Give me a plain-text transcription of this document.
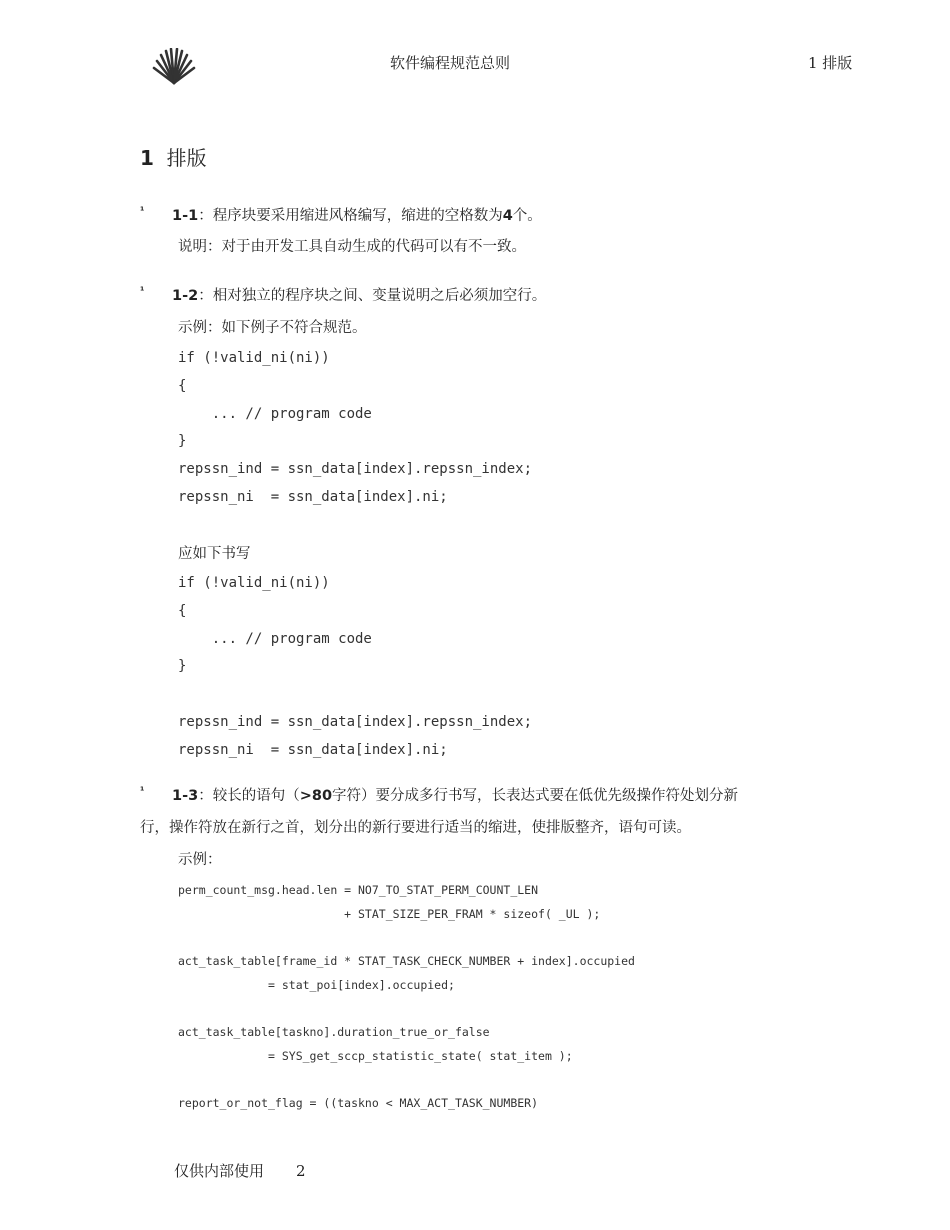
软件编程规范总则	1 排版
1 排版
¹ 1-1：程序块要采用缩进风格编写，缩进的空格数为4个。
说明：对于由开发工具自动生成的代码可以有不一致。
¹ 1-2：相对独立的程序块之间、变量说明之后必须加空行。
示例：如下例子不符合规范。
if (!valid_ni(ni))
{
... // program code
}
repssn_ind = ssn_data[index].repssn_index;
repssn_ni  = ssn_data[index].ni;
应如下书写
if (!valid_ni(ni))
{
... // program code
}
repssn_ind = ssn_data[index].repssn_index;
repssn_ni  = ssn_data[index].ni;
¹ 1-3：较长的语句（>80字符）要分成多行书写，长表达式要在低优先级操作符处划分新
行，操作符放在新行之首，划分出的新行要进行适当的缩进，使排版整齐，语句可读。
示例：
perm_count_msg.head.len = NO7_TO_STAT_PERM_COUNT_LEN
+ STAT_SIZE_PER_FRAM * sizeof( _UL );
act_task_table[frame_id * STAT_TASK_CHECK_NUMBER + index].occupied
= stat_poi[index].occupied;
act_task_table[taskno].duration_true_or_false
= SYS_get_sccp_statistic_state( stat_item );
report_or_not_flag = ((taskno < MAX_ACT_TASK_NUMBER)
仅供内部使用 2
